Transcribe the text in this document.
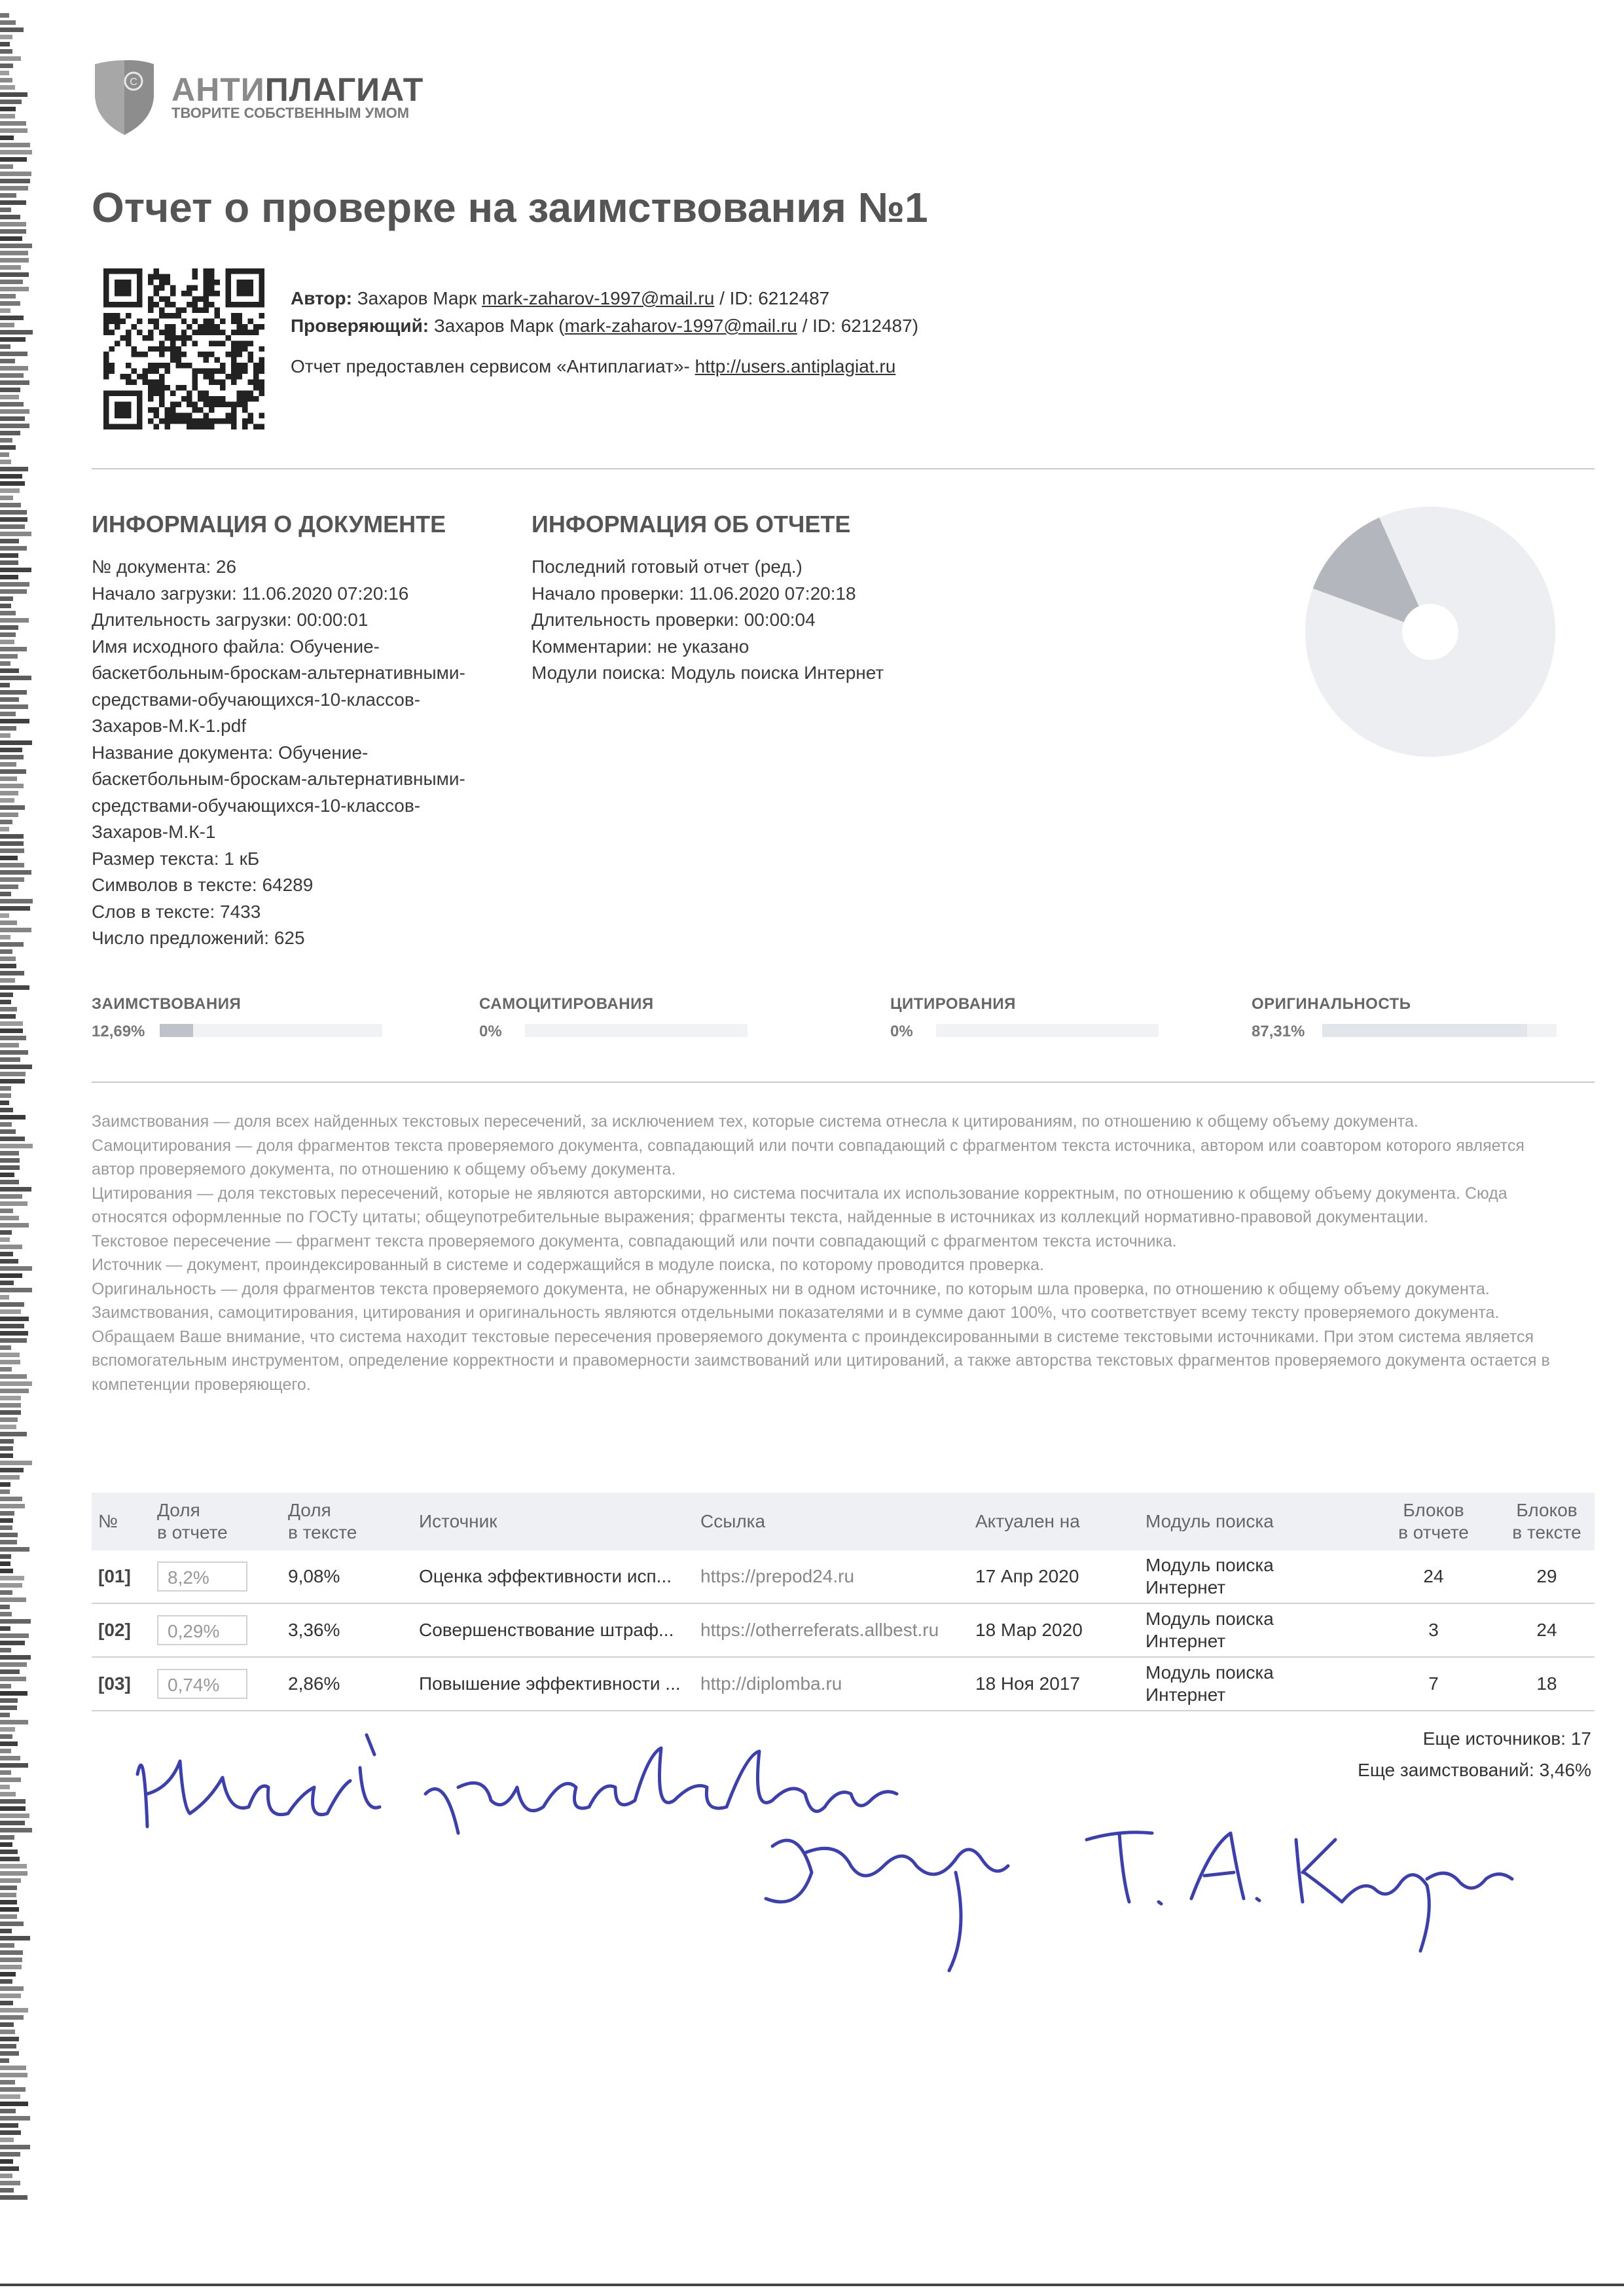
C АНТИПЛАГИАТ
ТВОРИТЕ СОБСТВЕННЫМ УМОМ
Отчет о проверке на заимствования №1
Автор: Захаров Марк mark-zaharov-1997@mail.ru / ID: 6212487
Проверяющий: Захаров Марк (mark-zaharov-1997@mail.ru / ID: 6212487)
Отчет предоставлен сервисом «Антиплагиат»- http://users.antiplagiat.ru
ИНФОРМАЦИЯ О ДОКУМЕНТЕ
№ документа: 26
Начало загрузки: 11.06.2020 07:20:16
Длительность загрузки: 00:00:01
Имя исходного файла: Обучение-
баскетбольным-броскам-альтернативными-
средствами-обучающихся-10-классов-
Захаров-М.К-1.pdf
Название документа: Обучение-
баскетбольным-броскам-альтернативными-
средствами-обучающихся-10-классов-
Захаров-М.К-1
Размер текста: 1 кБ
Символов в тексте: 64289
Слов в тексте: 7433
Число предложений: 625
ИНФОРМАЦИЯ ОБ ОТЧЕТЕ
Последний готовый отчет (ред.)
Начало проверки: 11.06.2020 07:20:18
Длительность проверки: 00:00:04
Комментарии: не указано
Модули поиска: Модуль поиска Интернет
ЗАИМСТВОВАНИЯ
12,69%
САМОЦИТИРОВАНИЯ
0%
ЦИТИРОВАНИЯ
0%
ОРИГИНАЛЬНОСТЬ
87,31%
Заимствования — доля всех найденных текстовых пересечений, за исключением тех, которые система отнесла к цитированиям, по отношению к общему объему документа.
Самоцитирования — доля фрагментов текста проверяемого документа, совпадающий или почти совпадающий с фрагментом текста источника, автором или соавтором которого является автор проверяемого документа, по отношению к общему объему документа.
Цитирования — доля текстовых пересечений, которые не являются авторскими, но система посчитала их использование корректным, по отношению к общему объему документа. Сюда относятся оформленные по ГОСТу цитаты; общеупотребительные выражения; фрагменты текста, найденные в источниках из коллекций нормативно-правовой документации.
Текстовое пересечение — фрагмент текста проверяемого документа, совпадающий или почти совпадающий с фрагментом текста источника.
Источник — документ, проиндексированный в системе и содержащийся в модуле поиска, по которому проводится проверка.
Оригинальность — доля фрагментов текста проверяемого документа, не обнаруженных ни в одном источнике, по которым шла проверка, по отношению к общему объему документа.
Заимствования, самоцитирования, цитирования и оригинальность являются отдельными показателями и в сумме дают 100%, что соответствует всему тексту проверяемого документа.
Обращаем Ваше внимание, что система находит текстовые пересечения проверяемого документа с проиндексированными в системе текстовыми источниками. При этом система является вспомогательным инструментом, определение корректности и правомерности заимствований или цитирований, а также авторства текстовых фрагментов проверяемого документа остается в компетенции проверяющего.
№	Доля
в отчете	Доля
в тексте	Источник	Ссылка	Актуален на	Модуль поиска	Блоков
в отчете	Блоков
в тексте
[01]	8,2%	9,08%	Оценка эффективности исп...	https://prepod24.ru	17 Апр 2020	Модуль поиска
Интернет	24	29
[02]	0,29%	3,36%	Совершенствование штраф...	https://otherreferats.allbest.ru	18 Мар 2020	Модуль поиска
Интернет	3	24
[03]	0,74%	2,86%	Повышение эффективности ...	http://diplomba.ru	18 Ноя 2017	Модуль поиска
Интернет	7	18
Еще источников: 17
Еще заимствований: 3,46%
